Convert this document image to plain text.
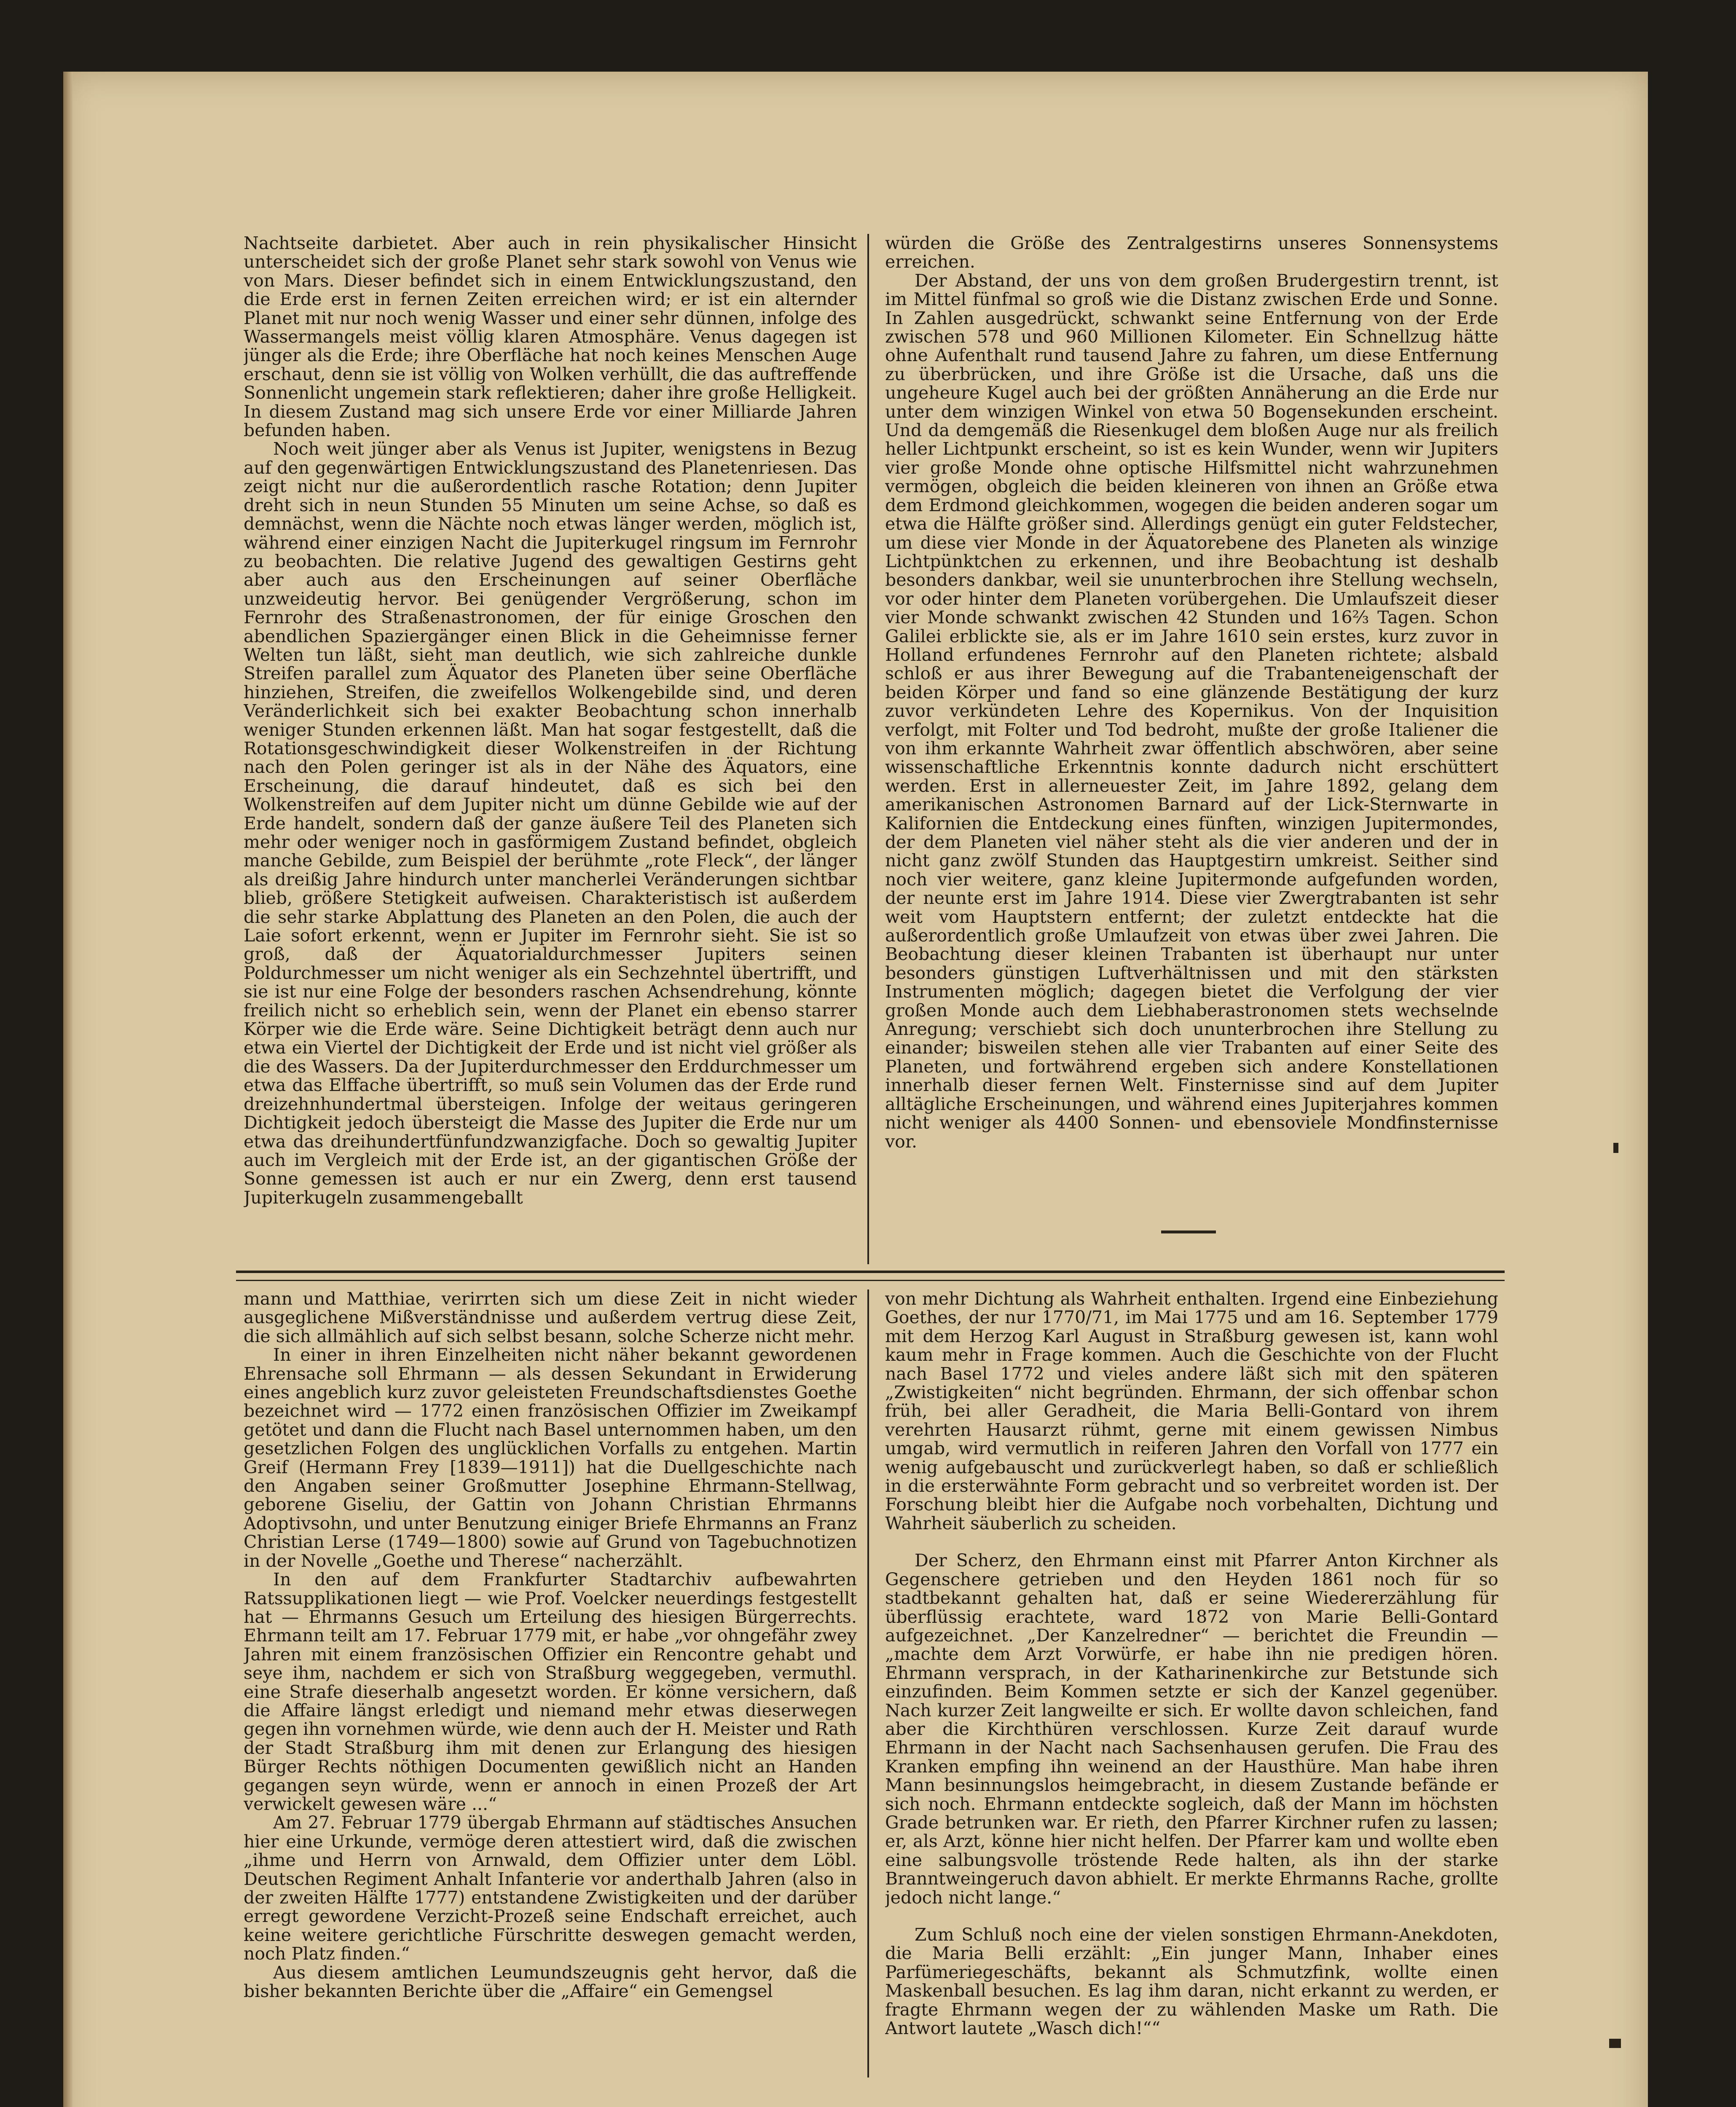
Nachtseite darbietet. Aber auch in rein physikalischer Hinsicht unterscheidet sich der große Planet sehr stark sowohl von Venus wie von Mars. Dieser befindet sich in einem Entwicklungszustand, den die Erde erst in fernen Zeiten erreichen wird; er ist ein alternder Planet mit nur noch wenig Wasser und einer sehr dünnen, infolge des Wassermangels meist völlig klaren Atmosphäre. Venus dagegen ist jünger als die Erde; ihre Oberfläche hat noch keines Menschen Auge erschaut, denn sie ist völlig von Wolken verhüllt, die das auftreffende Sonnenlicht ungemein stark reflektieren; daher ihre große Helligkeit. In diesem Zustand mag sich unsere Erde vor einer Milliarde Jahren befunden haben.

Noch weit jünger aber als Venus ist Jupiter, wenigstens in Bezug auf den gegenwärtigen Entwicklungszustand des Planetenriesen. Das zeigt nicht nur die außerordentlich rasche Rotation; denn Jupiter dreht sich in neun Stunden 55 Minuten um seine Achse, so daß es demnächst, wenn die Nächte noch etwas länger werden, möglich ist, während einer einzigen Nacht die Jupiterkugel ringsum im Fernrohr zu beobachten. Die relative Jugend des gewaltigen Gestirns geht aber auch aus den Erscheinungen auf seiner Oberfläche unzweideutig hervor. Bei genügender Vergrößerung, schon im Fernrohr des Straßenastronomen, der für einige Groschen den abendlichen Spaziergänger einen Blick in die Geheimnisse ferner Welten tun läßt, sieht man deutlich, wie sich zahlreiche dunkle Streifen parallel zum Äquator des Planeten über seine Oberfläche hinziehen, Streifen, die zweifellos Wolkengebilde sind, und deren Veränderlichkeit sich bei exakter Beobachtung schon innerhalb weniger Stunden erkennen läßt. Man hat sogar festgestellt, daß die Rotationsgeschwindigkeit dieser Wolkenstreifen in der Richtung nach den Polen geringer ist als in der Nähe des Äquators, eine Erscheinung, die darauf hindeutet, daß es sich bei den Wolkenstreifen auf dem Jupiter nicht um dünne Gebilde wie auf der Erde handelt, sondern daß der ganze äußere Teil des Planeten sich mehr oder weniger noch in gasförmigem Zustand befindet, obgleich manche Gebilde, zum Beispiel der berühmte „rote Fleck“, der länger als dreißig Jahre hindurch unter mancherlei Veränderungen sichtbar blieb, größere Stetigkeit aufweisen. Charakteristisch ist außerdem die sehr starke Abplattung des Planeten an den Polen, die auch der Laie sofort erkennt, wenn er Jupiter im Fernrohr sieht. Sie ist so groß, daß der Äquatorialdurchmesser Jupiters seinen Poldurchmesser um nicht weniger als ein Sechzehntel übertrifft, und sie ist nur eine Folge der besonders raschen Achsendrehung, könnte freilich nicht so erheblich sein, wenn der Planet ein ebenso starrer Körper wie die Erde wäre. Seine Dichtigkeit beträgt denn auch nur etwa ein Viertel der Dichtigkeit der Erde und ist nicht viel größer als die des Wassers. Da der Jupiterdurchmesser den Erddurchmesser um etwa das Elffache übertrifft, so muß sein Volumen das der Erde rund dreizehnhundertmal übersteigen. Infolge der weitaus geringeren Dichtigkeit jedoch übersteigt die Masse des Jupiter die Erde nur um etwa das dreihundertfünfundzwanzigfache. Doch so gewaltig Jupiter auch im Vergleich mit der Erde ist, an der gigantischen Größe der Sonne gemessen ist auch er nur ein Zwerg, denn erst tausend Jupiterkugeln zusammengeballt

würden die Größe des Zentralgestirns unseres Sonnensystems erreichen.

Der Abstand, der uns von dem großen Brudergestirn trennt, ist im Mittel fünfmal so groß wie die Distanz zwischen Erde und Sonne. In Zahlen ausgedrückt, schwankt seine Entfernung von der Erde zwischen 578 und 960 Millionen Kilometer. Ein Schnellzug hätte ohne Aufenthalt rund tausend Jahre zu fahren, um diese Entfernung zu überbrücken, und ihre Größe ist die Ursache, daß uns die ungeheure Kugel auch bei der größten Annäherung an die Erde nur unter dem winzigen Winkel von etwa 50 Bogensekunden erscheint. Und da demgemäß die Riesenkugel dem bloßen Auge nur als freilich heller Lichtpunkt erscheint, so ist es kein Wunder, wenn wir Jupiters vier große Monde ohne optische Hilfsmittel nicht wahrzunehmen vermögen, obgleich die beiden kleineren von ihnen an Größe etwa dem Erdmond gleichkommen, wogegen die beiden anderen sogar um etwa die Hälfte größer sind. Allerdings genügt ein guter Feldstecher, um diese vier Monde in der Äquatorebene des Planeten als winzige Lichtpünktchen zu erkennen, und ihre Beobachtung ist deshalb besonders dankbar, weil sie ununterbrochen ihre Stellung wechseln, vor oder hinter dem Planeten vorübergehen. Die Umlaufszeit dieser vier Monde schwankt zwischen 42 Stunden und 16⅔ Tagen. Schon Galilei erblickte sie, als er im Jahre 1610 sein erstes, kurz zuvor in Holland erfundenes Fernrohr auf den Planeten richtete; alsbald schloß er aus ihrer Bewegung auf die Trabanteneigenschaft der beiden Körper und fand so eine glänzende Bestätigung der kurz zuvor verkündeten Lehre des Kopernikus. Von der Inquisition verfolgt, mit Folter und Tod bedroht, mußte der große Italiener die von ihm erkannte Wahrheit zwar öffentlich abschwören, aber seine wissenschaftliche Erkenntnis konnte dadurch nicht erschüttert werden. Erst in allerneuester Zeit, im Jahre 1892, gelang dem amerikanischen Astronomen Barnard auf der Lick-Sternwarte in Kalifornien die Entdeckung eines fünften, winzigen Jupitermondes, der dem Planeten viel näher steht als die vier anderen und der in nicht ganz zwölf Stunden das Hauptgestirn umkreist. Seither sind noch vier weitere, ganz kleine Jupitermonde aufgefunden worden, der neunte erst im Jahre 1914. Diese vier Zwergtrabanten ist sehr weit vom Hauptstern entfernt; der zuletzt entdeckte hat die außerordentlich große Umlaufzeit von etwas über zwei Jahren. Die Beobachtung dieser kleinen Trabanten ist überhaupt nur unter besonders günstigen Luftverhältnissen und mit den stärksten Instrumenten möglich; dagegen bietet die Verfolgung der vier großen Monde auch dem Liebhaberastronomen stets wechselnde Anregung; verschiebt sich doch ununterbrochen ihre Stellung zu einander; bisweilen stehen alle vier Trabanten auf einer Seite des Planeten, und fortwährend ergeben sich andere Konstellationen innerhalb dieser fernen Welt. Finsternisse sind auf dem Jupiter alltägliche Erscheinungen, und während eines Jupiterjahres kommen nicht weniger als 4400 Sonnen- und ebensoviele Mondfinsternisse vor.

mann und Matthiae, verirrten sich um diese Zeit in nicht wieder ausgeglichene Mißverständnisse und außerdem vertrug diese Zeit, die sich allmählich auf sich selbst besann, solche Scherze nicht mehr.

In einer in ihren Einzelheiten nicht näher bekannt gewordenen Ehrensache soll Ehrmann — als dessen Sekundant in Erwiderung eines angeblich kurz zuvor geleisteten Freundschaftsdienstes Goethe bezeichnet wird — 1772 einen französischen Offizier im Zweikampf getötet und dann die Flucht nach Basel unternommen haben, um den gesetzlichen Folgen des unglücklichen Vorfalls zu entgehen. Martin Greif (Hermann Frey [1839—1911]) hat die Duellgeschichte nach den Angaben seiner Großmutter Josephine Ehrmann-Stellwag, geborene Giseliu, der Gattin von Johann Christian Ehrmanns Adoptivsohn, und unter Benutzung einiger Briefe Ehrmanns an Franz Christian Lerse (1749—1800) sowie auf Grund von Tagebuchnotizen in der Novelle „Goethe und Therese“ nacherzählt.

In den auf dem Frankfurter Stadtarchiv aufbewahrten Ratssupplikationen liegt — wie Prof. Voelcker neuerdings festgestellt hat — Ehrmanns Gesuch um Erteilung des hiesigen Bürgerrechts. Ehrmann teilt am 17. Februar 1779 mit, er habe „vor ohngefähr zwey Jahren mit einem französischen Offizier ein Rencontre gehabt und seye ihm, nachdem er sich von Straßburg weggegeben, vermuthl. eine Strafe dieserhalb angesetzt worden. Er könne versichern, daß die Affaire längst erledigt und niemand mehr etwas dieserwegen gegen ihn vornehmen würde, wie denn auch der H. Meister und Rath der Stadt Straßburg ihm mit denen zur Erlangung des hiesigen Bürger Rechts nöthigen Documenten gewißlich nicht an Handen gegangen seyn würde, wenn er annoch in einen Prozeß der Art verwickelt gewesen wäre ...“

Am 27. Februar 1779 übergab Ehrmann auf städtisches Ansuchen hier eine Urkunde, vermöge deren attestiert wird, daß die zwischen „ihme und Herrn von Arnwald, dem Offizier unter dem Löbl. Deutschen Regiment Anhalt Infanterie vor anderthalb Jahren (also in der zweiten Hälfte 1777) entstandene Zwistigkeiten und der darüber erregt gewordene Verzicht-Prozeß seine Endschaft erreichet, auch keine weitere gerichtliche Fürschritte deswegen gemacht werden, noch Platz finden.“

Aus diesem amtlichen Leumundszeugnis geht hervor, daß die bisher bekannten Berichte über die „Affaire“ ein Gemengsel

von mehr Dichtung als Wahrheit enthalten. Irgend eine Einbeziehung Goethes, der nur 1770/71, im Mai 1775 und am 16. September 1779 mit dem Herzog Karl August in Straßburg gewesen ist, kann wohl kaum mehr in Frage kommen. Auch die Geschichte von der Flucht nach Basel 1772 und vieles andere läßt sich mit den späteren „Zwistigkeiten“ nicht begründen. Ehrmann, der sich offenbar schon früh, bei aller Geradheit, die Maria Belli-Gontard von ihrem verehrten Hausarzt rühmt, gerne mit einem gewissen Nimbus umgab, wird vermutlich in reiferen Jahren den Vorfall von 1777 ein wenig aufgebauscht und zurückverlegt haben, so daß er schließlich in die ersterwähnte Form gebracht und so verbreitet worden ist. Der Forschung bleibt hier die Aufgabe noch vorbehalten, Dichtung und Wahrheit säuberlich zu scheiden.

Der Scherz, den Ehrmann einst mit Pfarrer Anton Kirchner als Gegenschere getrieben und den Heyden 1861 noch für so stadtbekannt gehalten hat, daß er seine Wiedererzählung für überflüssig erachtete, ward 1872 von Marie Belli-Gontard aufgezeichnet. „Der Kanzelredner“ — berichtet die Freundin — „machte dem Arzt Vorwürfe, er habe ihn nie predigen hören. Ehrmann versprach, in der Katharinenkirche zur Betstunde sich einzufinden. Beim Kommen setzte er sich der Kanzel gegenüber. Nach kurzer Zeit langweilte er sich. Er wollte davon schleichen, fand aber die Kirchthüren verschlossen. Kurze Zeit darauf wurde Ehrmann in der Nacht nach Sachsenhausen gerufen. Die Frau des Kranken empfing ihn weinend an der Hausthüre. Man habe ihren Mann besinnungslos heimgebracht, in diesem Zustande befände er sich noch. Ehrmann entdeckte sogleich, daß der Mann im höchsten Grade betrunken war. Er rieth, den Pfarrer Kirchner rufen zu lassen; er, als Arzt, könne hier nicht helfen. Der Pfarrer kam und wollte eben eine salbungsvolle tröstende Rede halten, als ihn der starke Branntweingeruch davon abhielt. Er merkte Ehrmanns Rache, grollte jedoch nicht lange.“

Zum Schluß noch eine der vielen sonstigen Ehrmann-Anekdoten, die Maria Belli erzählt: „Ein junger Mann, Inhaber eines Parfümeriegeschäfts, bekannt als Schmutzfink, wollte einen Maskenball besuchen. Es lag ihm daran, nicht erkannt zu werden, er fragte Ehrmann wegen der zu wählenden Maske um Rath. Die Antwort lautete „Wasch dich!““
